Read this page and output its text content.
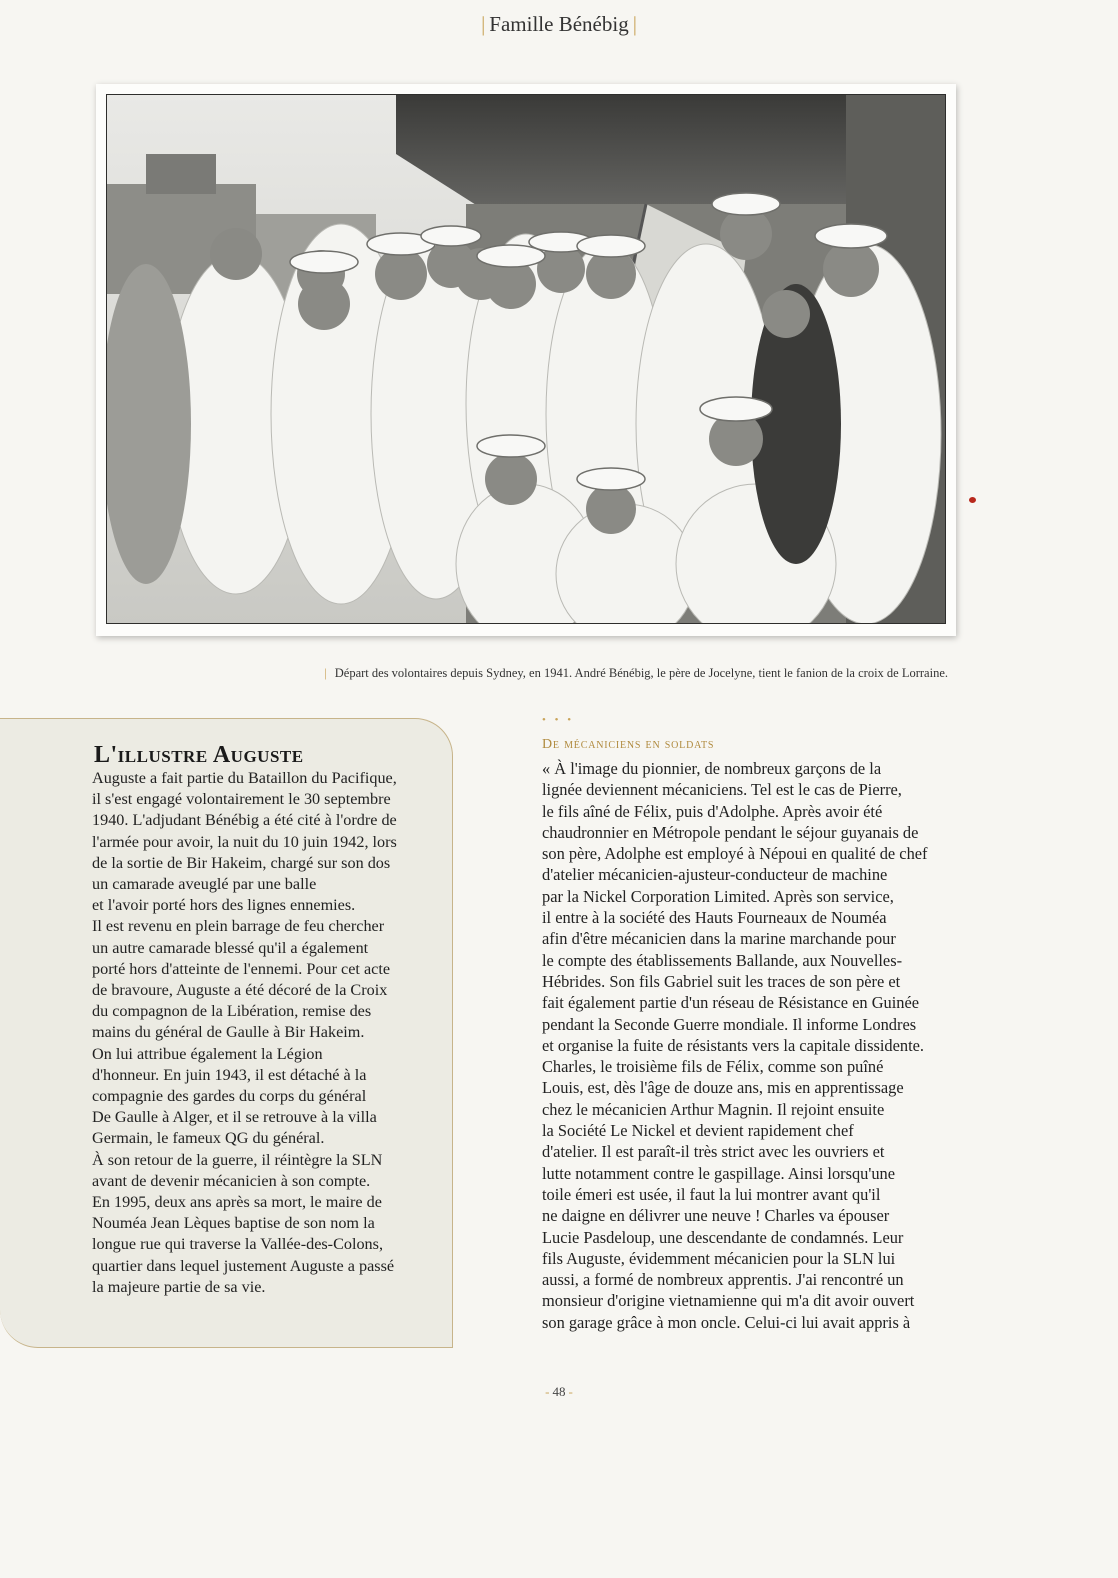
| Famille Bénébig |
| Départ des volontaires depuis Sydney, en 1941. André Bénébig, le père de Jocelyne, tient le fanion de la croix de Lorraine.
L'illustre Auguste
Auguste a fait partie du Bataillon du Pacifique,
il s'est engagé volontairement le 30 septembre
1940. L'adjudant Bénébig a été cité à l'ordre de
l'armée pour avoir, la nuit du 10 juin 1942, lors
de la sortie de Bir Hakeim, chargé sur son dos
un camarade aveuglé par une balle
et l'avoir porté hors des lignes ennemies.
Il est revenu en plein barrage de feu chercher
un autre camarade blessé qu'il a également
porté hors d'atteinte de l'ennemi. Pour cet acte
de bravoure, Auguste a été décoré de la Croix
du compagnon de la Libération, remise des
mains du général de Gaulle à Bir Hakeim.
On lui attribue également la Légion
d'honneur. En juin 1943, il est détaché à la
compagnie des gardes du corps du général
De Gaulle à Alger, et il se retrouve à la villa
Germain, le fameux QG du général.
À son retour de la guerre, il réintègre la SLN
avant de devenir mécanicien à son compte.
En 1995, deux ans après sa mort, le maire de
Nouméa Jean Lèques baptise de son nom la
longue rue qui traverse la Vallée-des-Colons,
quartier dans lequel justement Auguste a passé
la majeure partie de sa vie.
• • •
De mécaniciens en soldats
« À l'image du pionnier, de nombreux garçons de la
lignée deviennent mécaniciens. Tel est le cas de Pierre,
le fils aîné de Félix, puis d'Adolphe. Après avoir été
chaudronnier en Métropole pendant le séjour guyanais de
son père, Adolphe est employé à Népoui en qualité de chef
d'atelier mécanicien-ajusteur-conducteur de machine
par la Nickel Corporation Limited. Après son service,
il entre à la société des Hauts Fourneaux de Nouméa
afin d'être mécanicien dans la marine marchande pour
le compte des établissements Ballande, aux Nouvelles-
Hébrides. Son fils Gabriel suit les traces de son père et
fait également partie d'un réseau de Résistance en Guinée
pendant la Seconde Guerre mondiale. Il informe Londres
et organise la fuite de résistants vers la capitale dissidente.
Charles, le troisième fils de Félix, comme son puîné
Louis, est, dès l'âge de douze ans, mis en apprentissage
chez le mécanicien Arthur Magnin. Il rejoint ensuite
la Société Le Nickel et devient rapidement chef
d'atelier. Il est paraît-il très strict avec les ouvriers et
lutte notamment contre le gaspillage. Ainsi lorsqu'une
toile émeri est usée, il faut la lui montrer avant qu'il
ne daigne en délivrer une neuve ! Charles va épouser
Lucie Pasdeloup, une descendante de condamnés. Leur
fils Auguste, évidemment mécanicien pour la SLN lui
aussi, a formé de nombreux apprentis. J'ai rencontré un
monsieur d'origine vietnamienne qui m'a dit avoir ouvert
son garage grâce à mon oncle. Celui-ci lui avait appris à
- 48 -
